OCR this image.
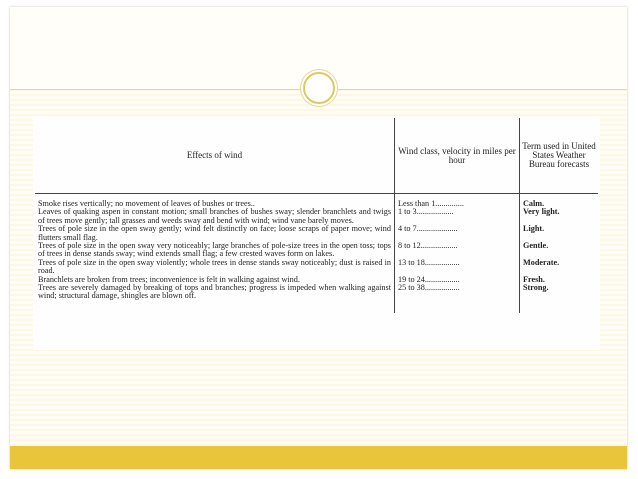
Effects of wind	Wind class, velocity in miles per hour	Term used in United States Weather Bureau forecasts

Smoke rises vertically; no movement of leaves of bushes or trees..	Less than 1..............	Calm.

Leaves of quaking aspen in constant motion; small branches of bushes sway; slender branchlets and twigs of trees move gently; tall grasses and weeds sway and bend with wind; wind vane barely moves.	1 to 3..................	Very light.

Trees of pole size in the open sway gently; wind felt distinctly on face; loose scraps of paper move; wind flutters small flag.	4 to 7....................	Light.

Trees of pole size in the open sway very noticeably; large branches of pole-size trees in the open toss; tops of trees in dense stands sway; wind extends small flag; a few crested waves form on lakes.	8 to 12..................	Gentle.

Trees of pole size in the open sway violently; whole trees in dense stands sway noticeably; dust is raised in road.	13 to 18.................	Moderate.

Branchlets are broken from trees; inconvenience is felt in walking against wind.	19 to 24.................	Fresh.

Trees are severely damaged by breaking of tops and branches; progress is impeded when walking against wind; structural damage, shingles are blown off.	25 to 38.................	Strong.
